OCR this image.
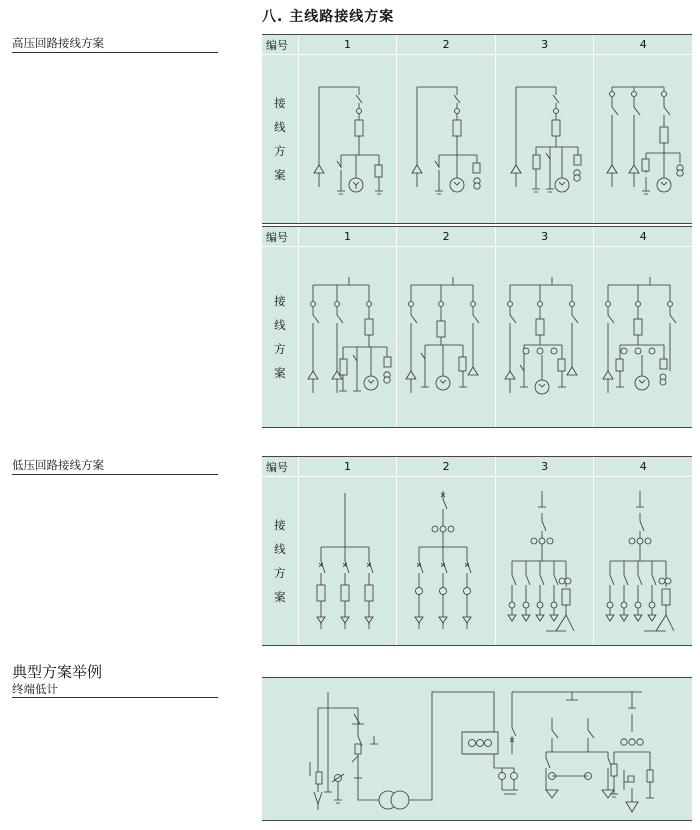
八. 主线路接线方案
高压回路接线方案
低压回路接线方案
典型方案举例
终端低计
编号	1	2	3	4
接
线
方
案
编号	1	2	3	4
接
线
方
案
编号	1	2	3	4
接
线
方
案
